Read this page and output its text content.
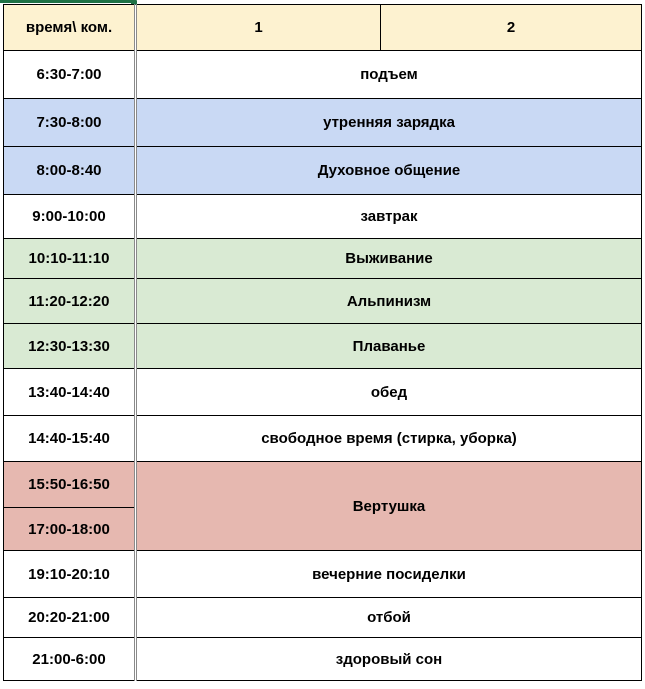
время\ ком.	1	2
6:30-7:00	подъем	
7:30-8:00	утренняя зарядка	
8:00-8:40	Духовное общение	
9:00-10:00	завтрак	
10:10-11:10	Выживание	
11:20-12:20	Альпинизм	
12:30-13:30	Плаванье	
13:40-14:40	обед	
14:40-15:40	свободное время (стирка, уборка)	
15:50-16:50	Вертушка	
17:00-18:00		
19:10-20:10	вечерние посиделки	
20:20-21:00	отбой	
21:00-6:00	здоровый сон	
